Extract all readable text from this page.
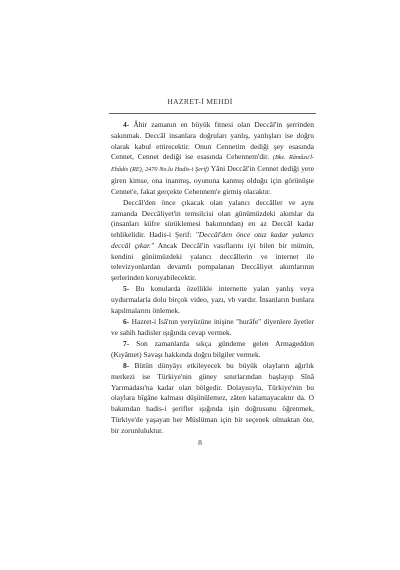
HAZRET-İ MEHDİ

4- Âhir zamanın en büyük fitnesi olan Deccâl'in şerrinden sakınmak. Deccâl insanlara doğruları yanlış, yanlışları ise doğru olarak kabul ettirecektir. Onun Cennetim dediği şey esasında Cennet, Cennet dediği ise esasında Cehennem'dir. (Bkz. Râmûzu'l-Ehâdis (RE), 2470 No.lu Hadis-i Şerif) Yâni Deccâl'in Cennet dediği yere giren kimse, ona inanmış, oyununa kanmış olduğu için görünüşte Cennet'e, fakat gerçekte Cehennem'e girmiş olacaktır.

Deccâl'den önce çıkacak olan yalancı deccâller ve aynı zamanda Deccâliyet'in temsilcisi olan günümüzdeki akımlar da (insanları küfre sürüklemesi bakımından) en az Deccâl kadar tehlikelidir. Hadis-i Şerif: "Deccâl'den önce otuz kadar yalancı deccâl çıkar." Ancak Deccâl'in vasıflarını iyi bilen bir mümin, kendini günümüzdeki yalancı deccâllerin ve internet ile televizyonlardan devamlı pompalanan Deccâliyet akımlarının şerlerinden koruyabilecektir.

5- Bu konularda özellikle internette yalan yanlış veya uydurmalarla dolu birçok video, yazı, vb vardır. İnsanların bunlara kapılmalarını önlemek.

6- Hazret-i İsâ'nın yeryüzüne inişine "hurâfe" diyenlere âyetler ve sahih hadisler ışığında cevap vermek.

7- Son zamanlarda sıkça gündeme gelen Armageddon (Kıyâmet) Savaşı hakkında doğru bilgiler vermek.

8- Bütün dünyâyı etkileyecek bu büyük olayların ağırlık merkezi ise Türkiye'nin güney sınırlarından başlayıp Sînâ Yarımadası'na kadar olan bölgedir. Dolayısıyla, Türkiye'nin bu olaylara bîgâne kalması düşünülemez, zâten kalamayacaktır da. O bakımdan hadis-i şerifler ışığında işin doğrusunu öğrenmek, Türkiye'de yaşayan her Müslüman için bir seçenek olmaktan öte, bir zorunluluktur.

8
